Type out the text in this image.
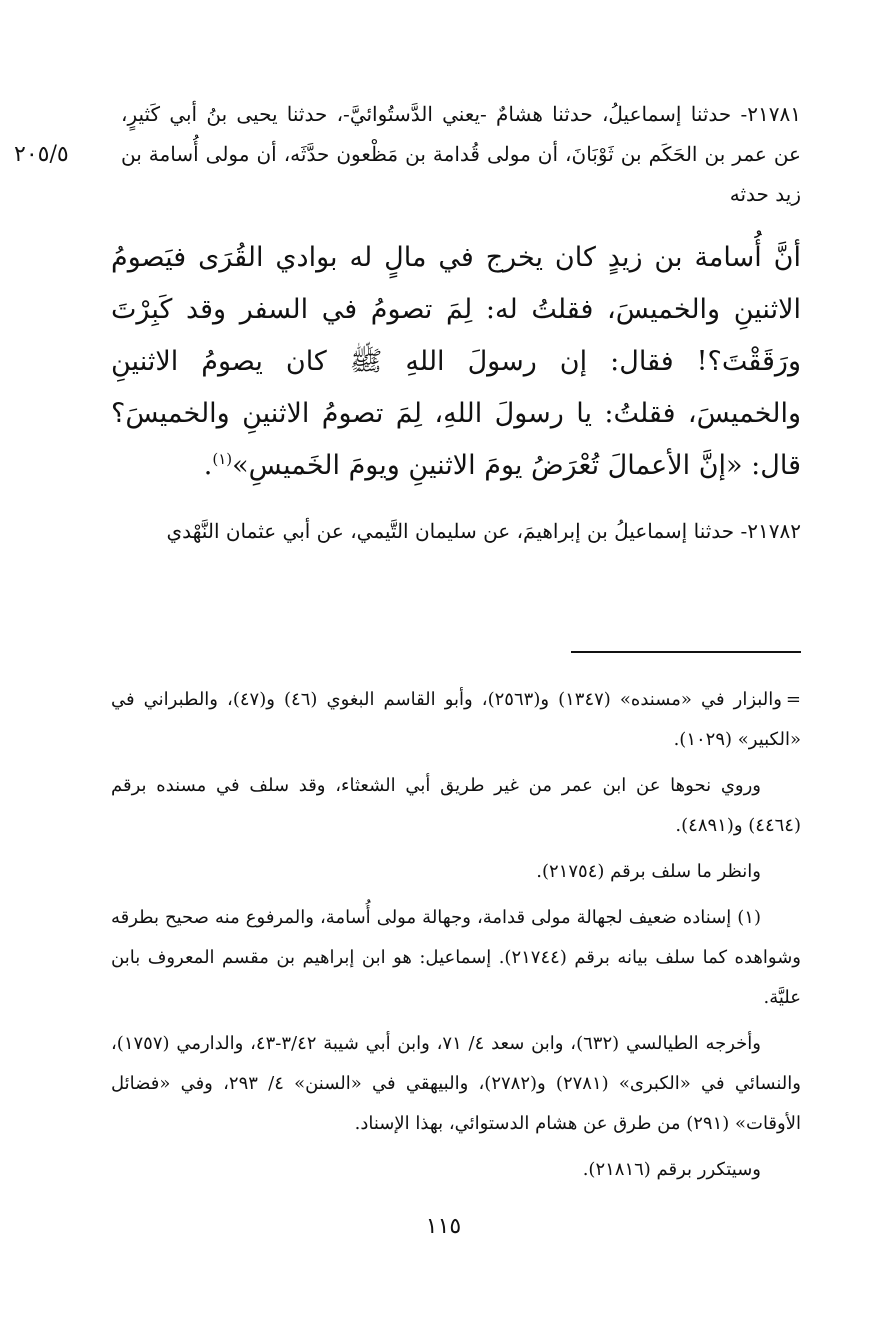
٢٠٥/٥
٢١٧٨١- حدثنا إسماعيلُ، حدثنا هشامٌ -يعني الدَّستُوائيَّ-، حدثنا يحيى بنُ أبي كَثيرٍ، عن عمر بن الحَكَم بن ثَوْبَانَ، أن مولى قُدامة بن مَظْعون حدَّثَه، أن مولى أُسامة بن زيد حدثه
أنَّ أُسامة بن زيدٍ كان يخرج في مالٍ له بوادي القُرَى فيَصومُ الاثنينِ والخميسَ، فقلتُ له: لِمَ تصومُ في السفر وقد كَبِرْتَ ورَقَقْتَ؟! فقال: إن رسولَ اللهِ ﷺ كان يصومُ الاثنينِ والخميسَ، فقلتُ: يا رسولَ اللهِ، لِمَ تصومُ الاثنينِ والخميسَ؟ قال: «إنَّ الأعمالَ تُعْرَضُ يومَ الاثنينِ ويومَ الخَميسِ»$^{(١)}$.
٢١٧٨٢- حدثنا إسماعيلُ بن إبراهيمَ، عن سليمان التَّيمي، عن أبي عثمان النَّهْدي

= والبزار في «مسنده» (١٣٤٧) و(٢٥٦٣)، وأبو القاسم البغوي (٤٦) و(٤٧)، والطبراني في «الكبير» (١٠٢٩).

وروي نحوها عن ابن عمر من غير طريق أبي الشعثاء، وقد سلف في مسنده برقم (٤٤٦٤) و(٤٨٩١).

وانظر ما سلف برقم (٢١٧٥٤).

(١) إسناده ضعيف لجهالة مولى قدامة، وجهالة مولى أُسامة، والمرفوع منه صحيح بطرقه وشواهده كما سلف بيانه برقم (٢١٧٤٤). إسماعيل: هو ابن إبراهيم بن مقسم المعروف بابن عليَّة.

وأخرجه الطيالسي (٦٣٢)، وابن سعد ٤/ ٧١، وابن أبي شيبة ٣/٤٢-٤٣، والدارمي (١٧٥٧)، والنسائي في «الكبرى» (٢٧٨١) و(٢٧٨٢)، والبيهقي في «السنن» ٤/ ٢٩٣، وفي «فضائل الأوقات» (٢٩١) من طرق عن هشام الدستوائي، بهذا الإسناد.

وسيتكرر برقم (٢١٨١٦).

١١٥
